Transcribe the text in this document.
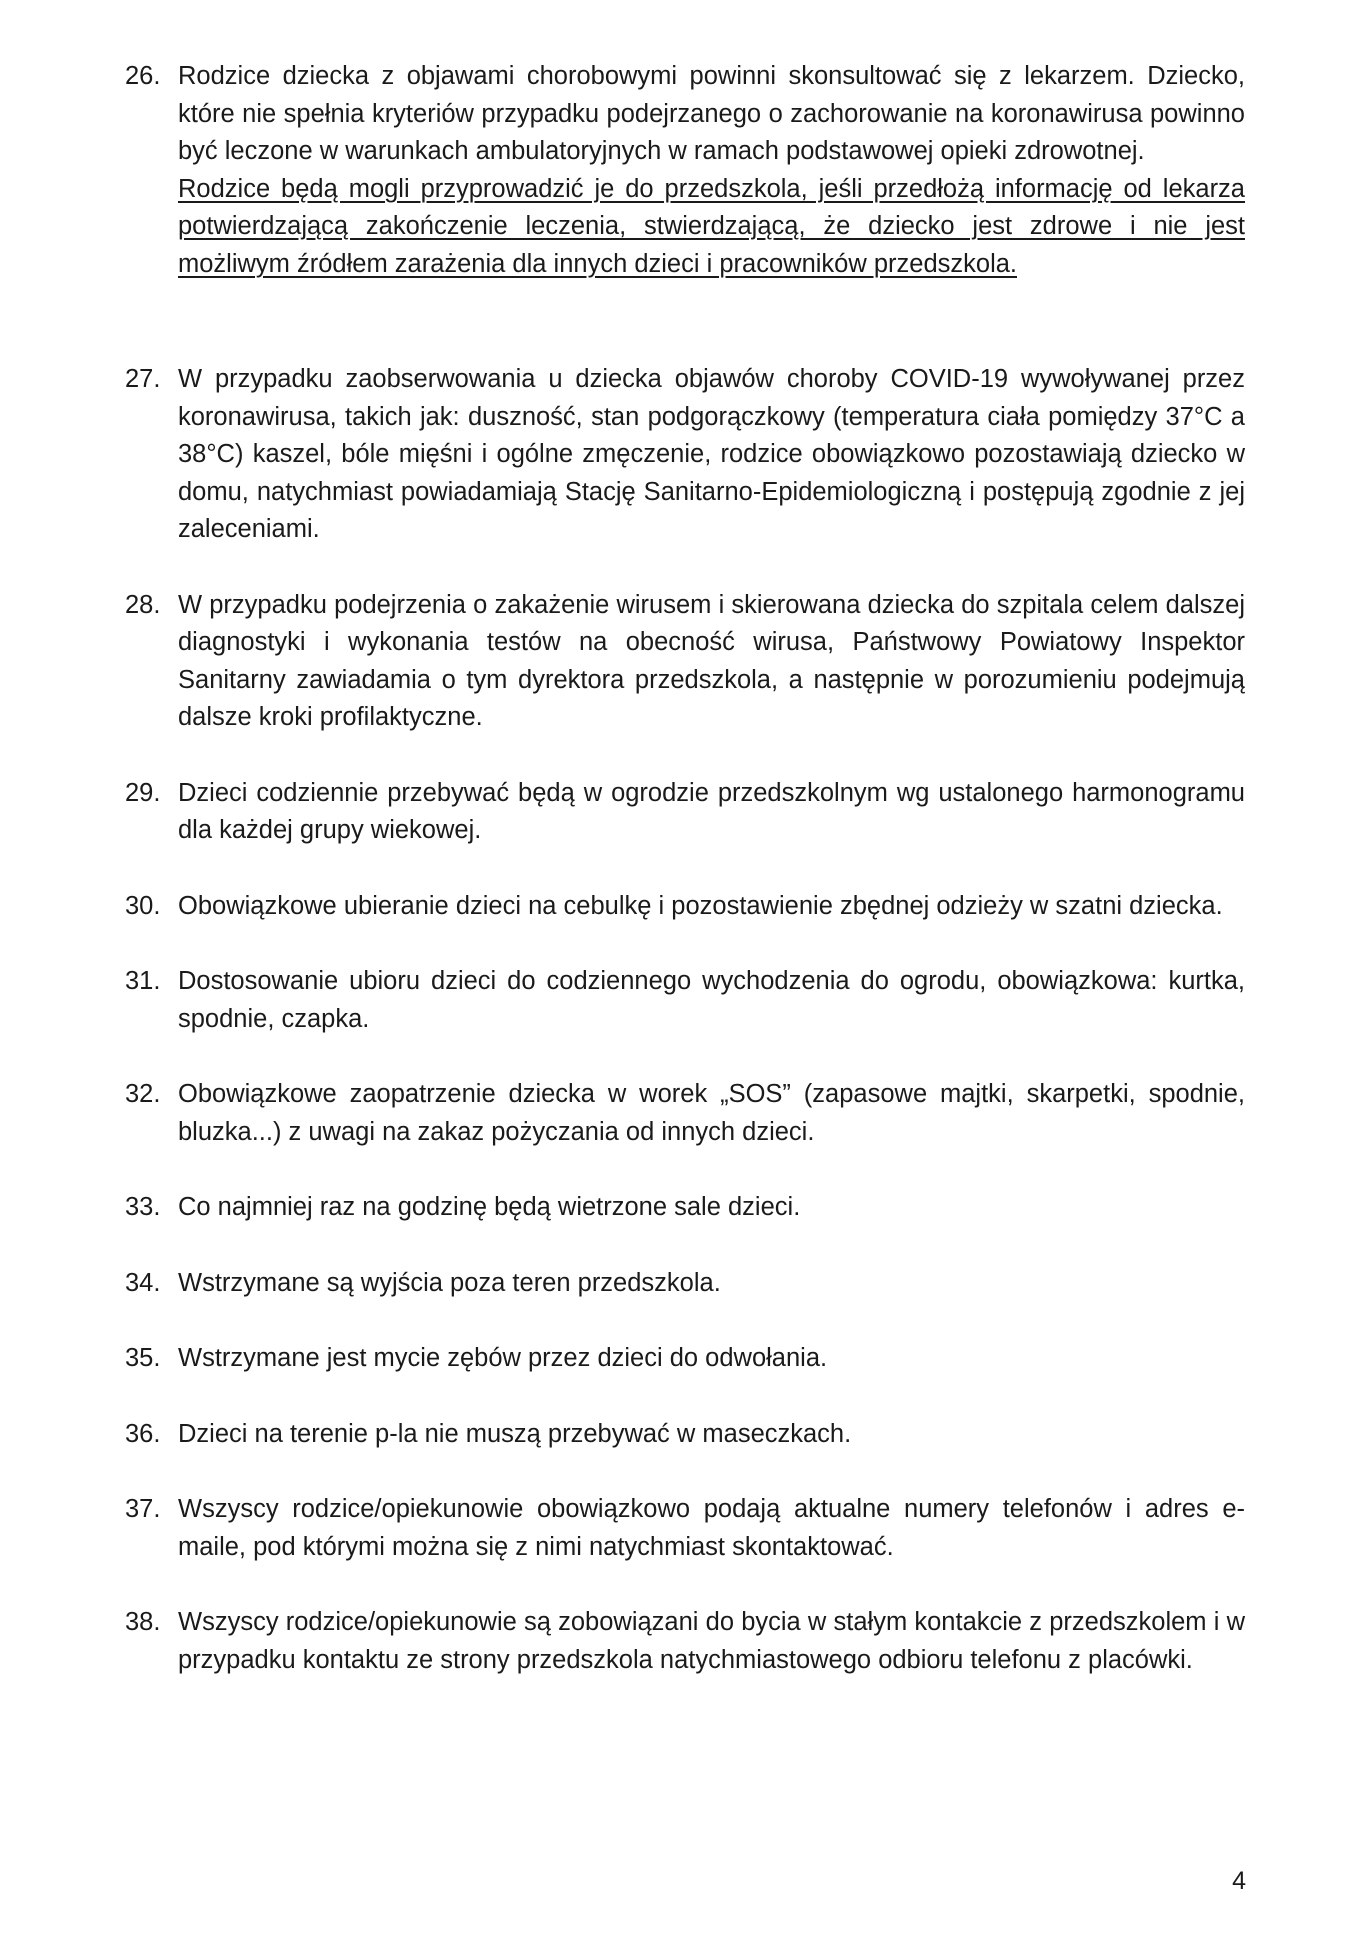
26. Rodzice dziecka z objawami chorobowymi powinni skonsultować się z lekarzem. Dziecko, które nie spełnia kryteriów przypadku podejrzanego o zachorowanie na koronawirusa powinno być leczone w warunkach ambulatoryjnych w ramach podstawowej opieki zdrowotnej.

Rodzice będą mogli przyprowadzić je do przedszkola, jeśli przedłożą informację od lekarza potwierdzającą zakończenie leczenia, stwierdzającą, że dziecko jest zdrowe i nie jest możliwym źródłem zarażenia dla innych dzieci i pracowników przedszkola.

27. W przypadku zaobserwowania u dziecka objawów choroby COVID-19 wywoływanej przez koronawirusa, takich jak: duszność, stan podgorączkowy (temperatura ciała pomiędzy 37°C a 38°C) kaszel, bóle mięśni i ogólne zmęczenie, rodzice obowiązkowo pozostawiają dziecko w domu, natychmiast powiadamiają Stację Sanitarno-Epidemiologiczną i postępują zgodnie z jej zaleceniami.
28. W przypadku podejrzenia o zakażenie wirusem i skierowana dziecka do szpitala celem dalszej diagnostyki i wykonania testów na obecność wirusa, Państwowy Powiatowy Inspektor Sanitarny zawiadamia o tym dyrektora przedszkola, a następnie w porozumieniu podejmują dalsze kroki profilaktyczne.
29. Dzieci codziennie przebywać będą w ogrodzie przedszkolnym wg ustalonego harmonogramu dla każdej grupy wiekowej.
30. Obowiązkowe ubieranie dzieci na cebulkę i pozostawienie zbędnej odzieży w szatni dziecka.
31. Dostosowanie ubioru dzieci do codziennego wychodzenia do ogrodu, obowiązkowa: kurtka, spodnie, czapka.
32. Obowiązkowe zaopatrzenie dziecka w worek „SOS” (zapasowe majtki, skarpetki, spodnie, bluzka...) z uwagi na zakaz pożyczania od innych dzieci.
33. Co najmniej raz na godzinę będą wietrzone sale dzieci.
34. Wstrzymane są wyjścia poza teren przedszkola.
35. Wstrzymane jest mycie zębów przez dzieci do odwołania.
36. Dzieci na terenie p-la nie muszą przebywać w maseczkach.
37. Wszyscy rodzice/opiekunowie obowiązkowo podają aktualne numery telefonów i adres e-maile, pod którymi można się z nimi natychmiast skontaktować.
38. Wszyscy rodzice/opiekunowie są zobowiązani do bycia w stałym kontakcie z przedszkolem i w przypadku kontaktu ze strony przedszkola natychmiastowego odbioru telefonu z placówki.
4
